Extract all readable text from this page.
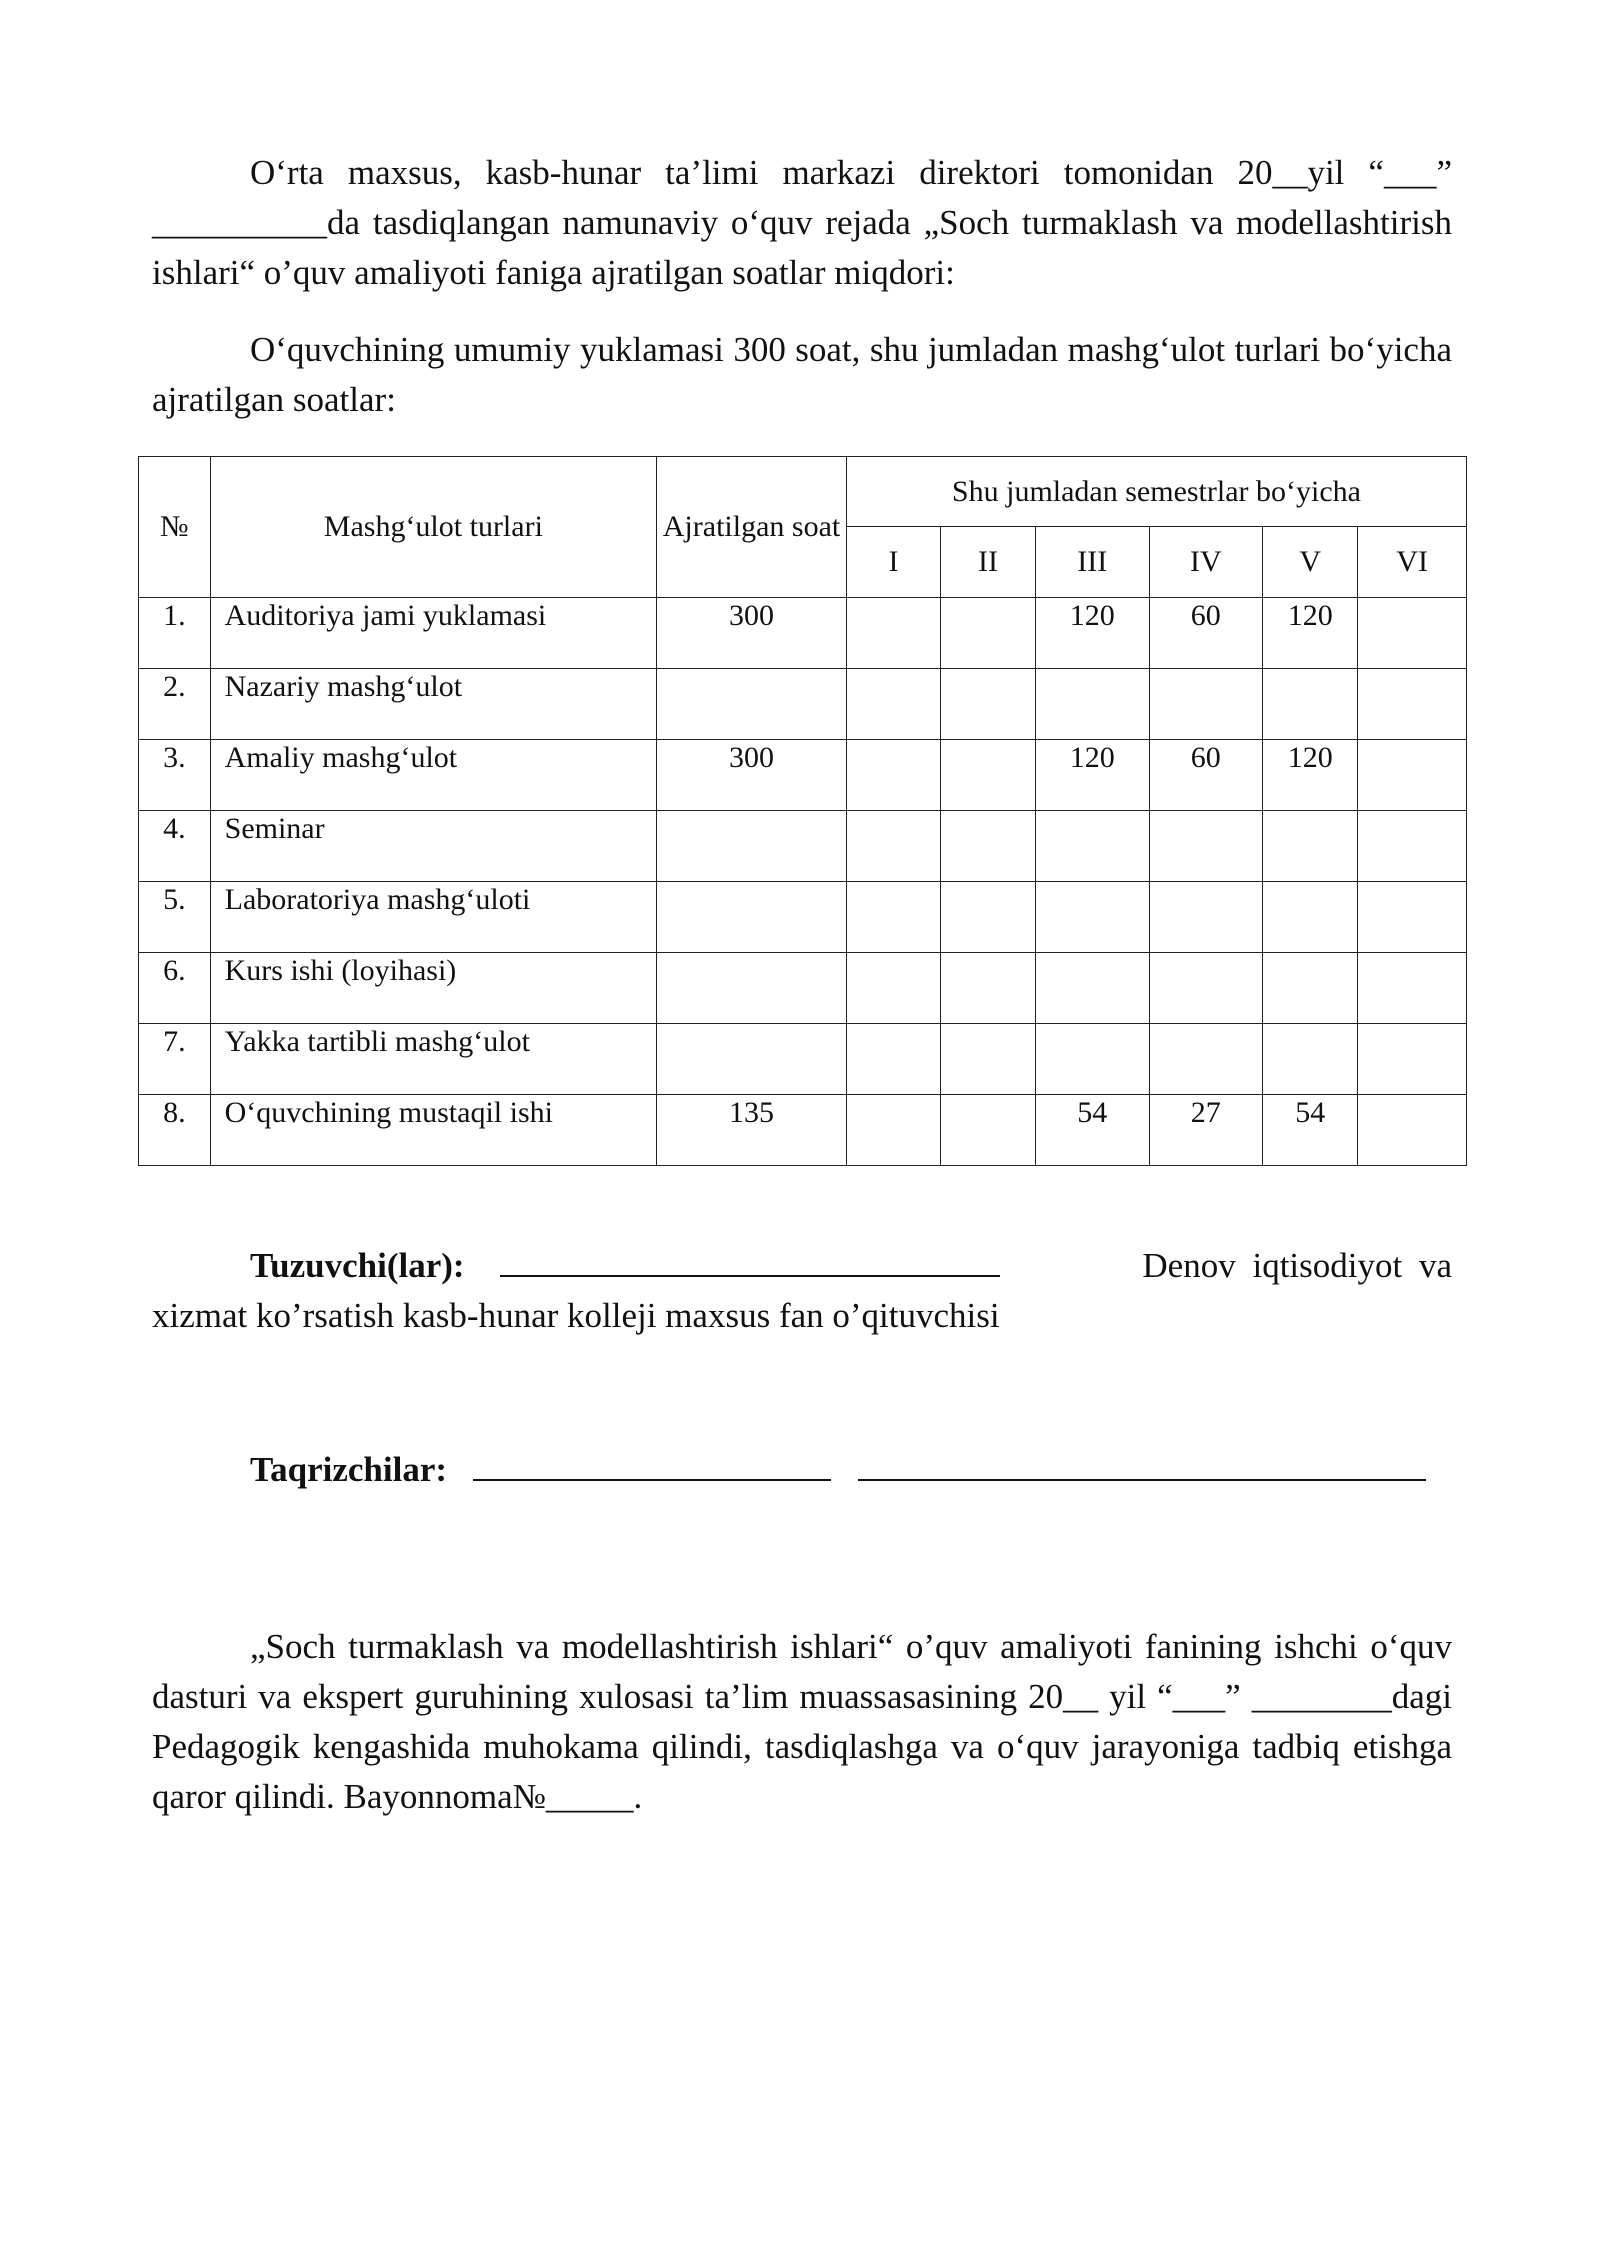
O‘rta maxsus, kasb-hunar ta’limi markazi direktori tomonidan 20__yil “___” __________da tasdiqlangan namunaviy o‘quv rejada „Soch turmaklash va modellashtirish ishlari“ o’quv amaliyoti faniga ajratilgan soatlar miqdori:

O‘quvchining umumiy yuklamasi 300 soat, shu jumladan mashg‘ulot turlari bo‘yicha ajratilgan soatlar:

№	Mashg‘ulot turlari	Ajratilgan soat	Shu jumladan semestrlar bo‘yicha					
			I	II	III	IV	V	VI
1.	Auditoriya jami yuklamasi	300			120	60	120	
2.	Nazariy mashg‘ulot							
3.	Amaliy mashg‘ulot	300			120	60	120	
4.	Seminar							
5.	Laboratoriya mashg‘uloti							
6.	Kurs ishi (loyihasi)							
7.	Yakka tartibli mashg‘ulot							
8.	O‘quvchining mustaqil ishi	135			54	27	54	
Tuzuvchi(lar):	Denov iqtisodiyot va
xizmat ko’rsatish kasb-hunar kolleji maxsus fan o’qituvchisi
Taqrizchilar:

„Soch turmaklash va modellashtirish ishlari“ o’quv amaliyoti fanining ishchi o‘quv dasturi va ekspert guruhining xulosasi ta’lim muassasasining 20__ yil “___” ________dagi Pedagogik kengashida muhokama qilindi, tasdiqlashga va o‘quv jarayoniga tadbiq etishga qaror qilindi. Bayonnoma№_____.
